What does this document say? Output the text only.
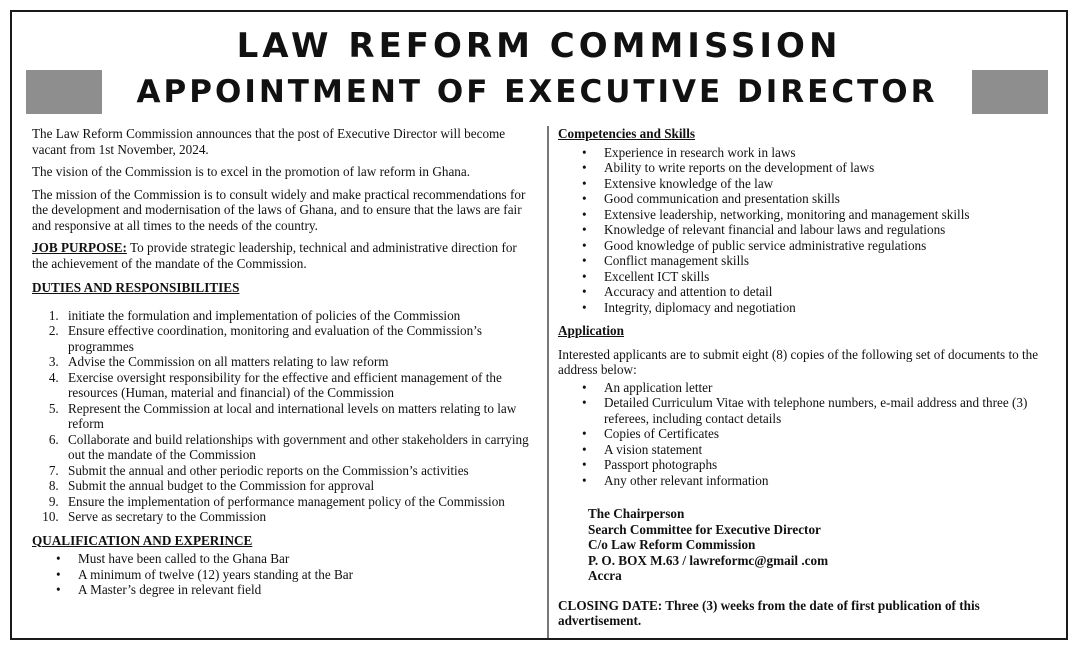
LAW REFORM COMMISSION
APPOINTMENT OF EXECUTIVE DIRECTOR

The Law Reform Commission announces that the post of Executive Director will become vacant from 1st November, 2024.

The vision of the Commission is to excel in the promotion of law reform in Ghana.

The mission of the Commission is to consult widely and make practical recommendations for the development and modernisation of the laws of Ghana, and to ensure that the laws are fair and responsive at all times to the needs of the country.

JOB PURPOSE: To provide strategic leadership, technical and administrative direction for the achievement of the mandate of the Commission.

DUTIES AND RESPONSIBILITIES
1. initiate the formulation and implementation of policies of the Commission
2. Ensure effective coordination, monitoring and evaluation of the Commission’s programmes
3. Advise the Commission on all matters relating to law reform
4. Exercise oversight responsibility for the effective and efficient management of the resources (Human, material and financial) of the Commission
5. Represent the Commission at local and international levels on matters relating to law reform
6. Collaborate and build relationships with government and other stakeholders in carrying out the mandate of the Commission
7. Submit the annual and other periodic reports on the Commission’s activities
8. Submit the annual budget to the Commission for approval
9. Ensure the implementation of performance management policy of the Commission
10. Serve as secretary to the Commission
QUALIFICATION AND EXPERINCE
• Must have been called to the Ghana Bar
• A minimum of twelve (12) years standing at the Bar
• A Master’s degree in relevant field
Competencies and Skills
• Experience in research work in laws
• Ability to write reports on the development of laws
• Extensive knowledge of the law
• Good communication and presentation skills
• Extensive leadership, networking, monitoring and management skills
• Knowledge of relevant financial and labour laws and regulations
• Good knowledge of public service administrative regulations
• Conflict management skills
• Excellent ICT skills
• Accuracy and attention to detail
• Integrity, diplomacy and negotiation
Application

Interested applicants are to submit eight (8) copies of the following set of documents to the address below:

• An application letter
• Detailed Curriculum Vitae with telephone numbers, e-mail address and three (3) referees, including contact details
• Copies of Certificates
• A vision statement
• Passport photographs
• Any other relevant information
The Chairperson
Search Committee for Executive Director
C/o Law Reform Commission
P. O. BOX M.63 / lawreformc@gmail .com
Accra

CLOSING DATE: Three (3) weeks from the date of first publication of this advertisement.
